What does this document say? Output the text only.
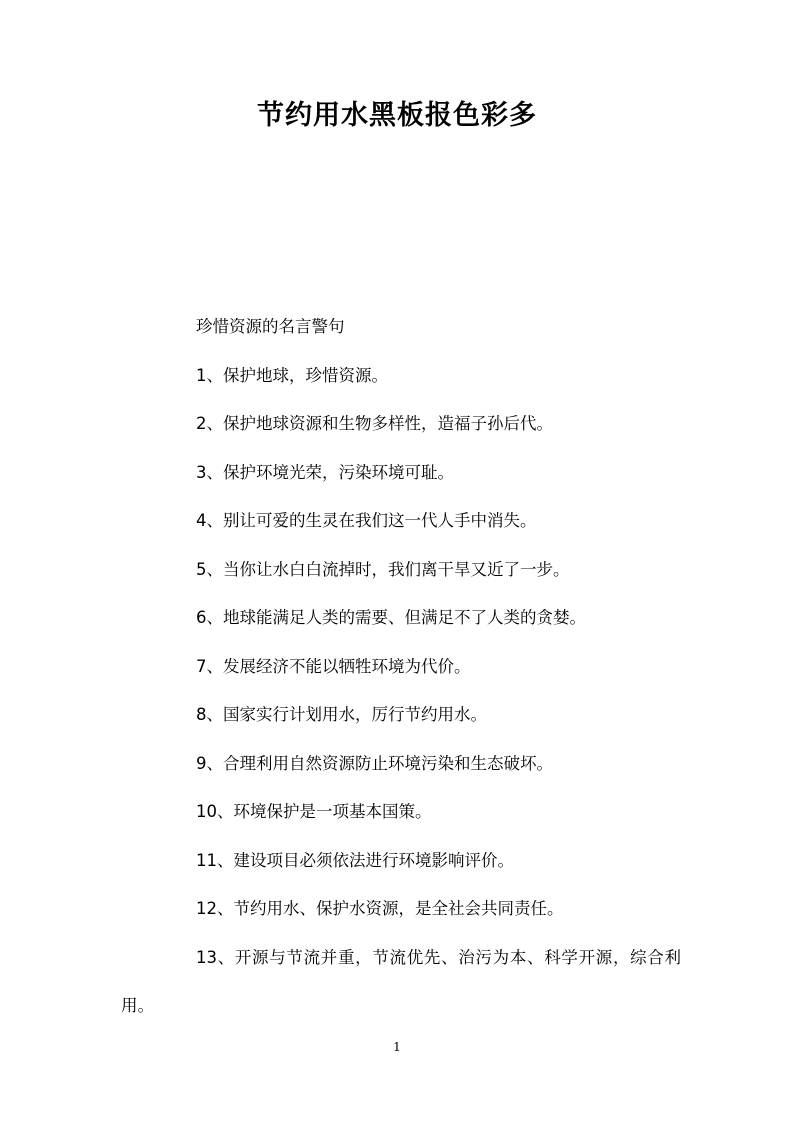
节约用水黑板报色彩多

珍惜资源的名言警句

1、保护地球，珍惜资源。

2、保护地球资源和生物多样性，造福子孙后代。

3、保护环境光荣，污染环境可耻。

4、别让可爱的生灵在我们这一代人手中消失。

5、当你让水白白流掉时，我们离干旱又近了一步。

6、地球能满足人类的需要、但满足不了人类的贪婪。

7、发展经济不能以牺牲环境为代价。

8、国家实行计划用水，厉行节约用水。

9、合理利用自然资源防止环境污染和生态破坏。

10、环境保护是一项基本国策。

11、建设项目必须依法进行环境影响评价。

12、节约用水、保护水资源，是全社会共同责任。

13、开源与节流并重，节流优先、治污为本、科学开源，综合利用。

1
